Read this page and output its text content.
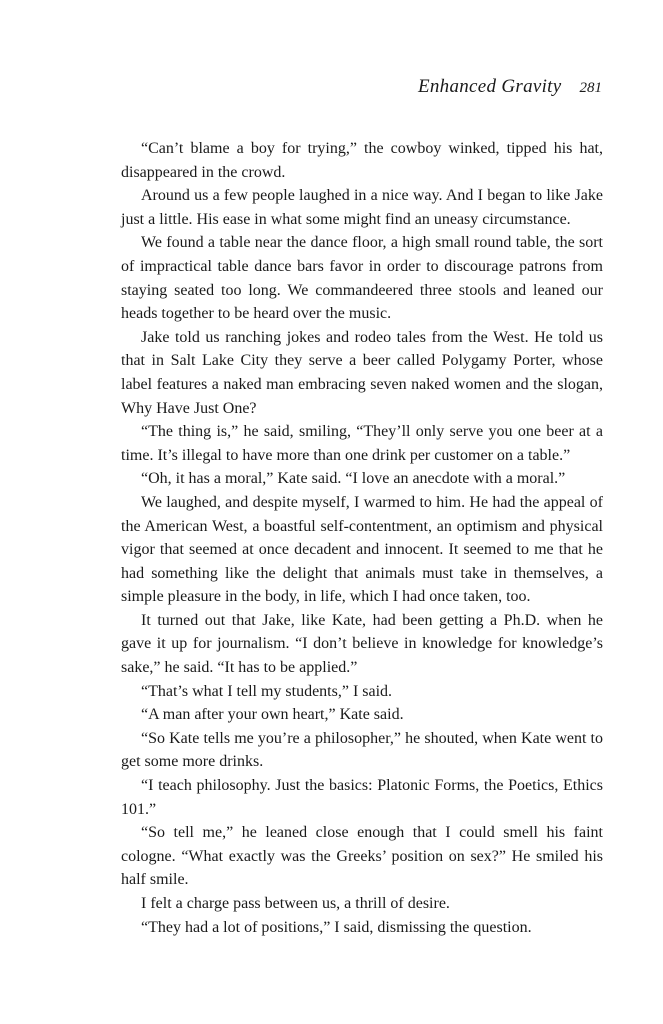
Enhanced Gravity 281

“Can’t blame a boy for trying,” the cowboy winked, tipped his hat, disappeared in the crowd.

Around us a few people laughed in a nice way. And I began to like Jake just a little. His ease in what some might find an uneasy circumstance.

We found a table near the dance floor, a high small round table, the sort of impractical table dance bars favor in order to discourage patrons from staying seated too long. We commandeered three stools and leaned our heads together to be heard over the music.

Jake told us ranching jokes and rodeo tales from the West. He told us that in Salt Lake City they serve a beer called Polygamy Porter, whose label features a naked man embracing seven naked women and the slogan, Why Have Just One?

“The thing is,” he said, smiling, “They’ll only serve you one beer at a time. It’s illegal to have more than one drink per customer on a table.”

“Oh, it has a moral,” Kate said. “I love an anecdote with a moral.”

We laughed, and despite myself, I warmed to him. He had the appeal of the American West, a boastful self-contentment, an optimism and physical vigor that seemed at once decadent and innocent. It seemed to me that he had something like the delight that animals must take in themselves, a simple pleasure in the body, in life, which I had once taken, too.

It turned out that Jake, like Kate, had been getting a Ph.D. when he gave it up for journalism. “I don’t believe in knowledge for knowledge’s sake,” he said. “It has to be applied.”

“That’s what I tell my students,” I said.

“A man after your own heart,” Kate said.

“So Kate tells me you’re a philosopher,” he shouted, when Kate went to get some more drinks.

“I teach philosophy. Just the basics: Platonic Forms, the Poetics, Ethics 101.”

“So tell me,” he leaned close enough that I could smell his faint cologne. “What exactly was the Greeks’ position on sex?” He smiled his half smile.

I felt a charge pass between us, a thrill of desire.

“They had a lot of positions,” I said, dismissing the question.
